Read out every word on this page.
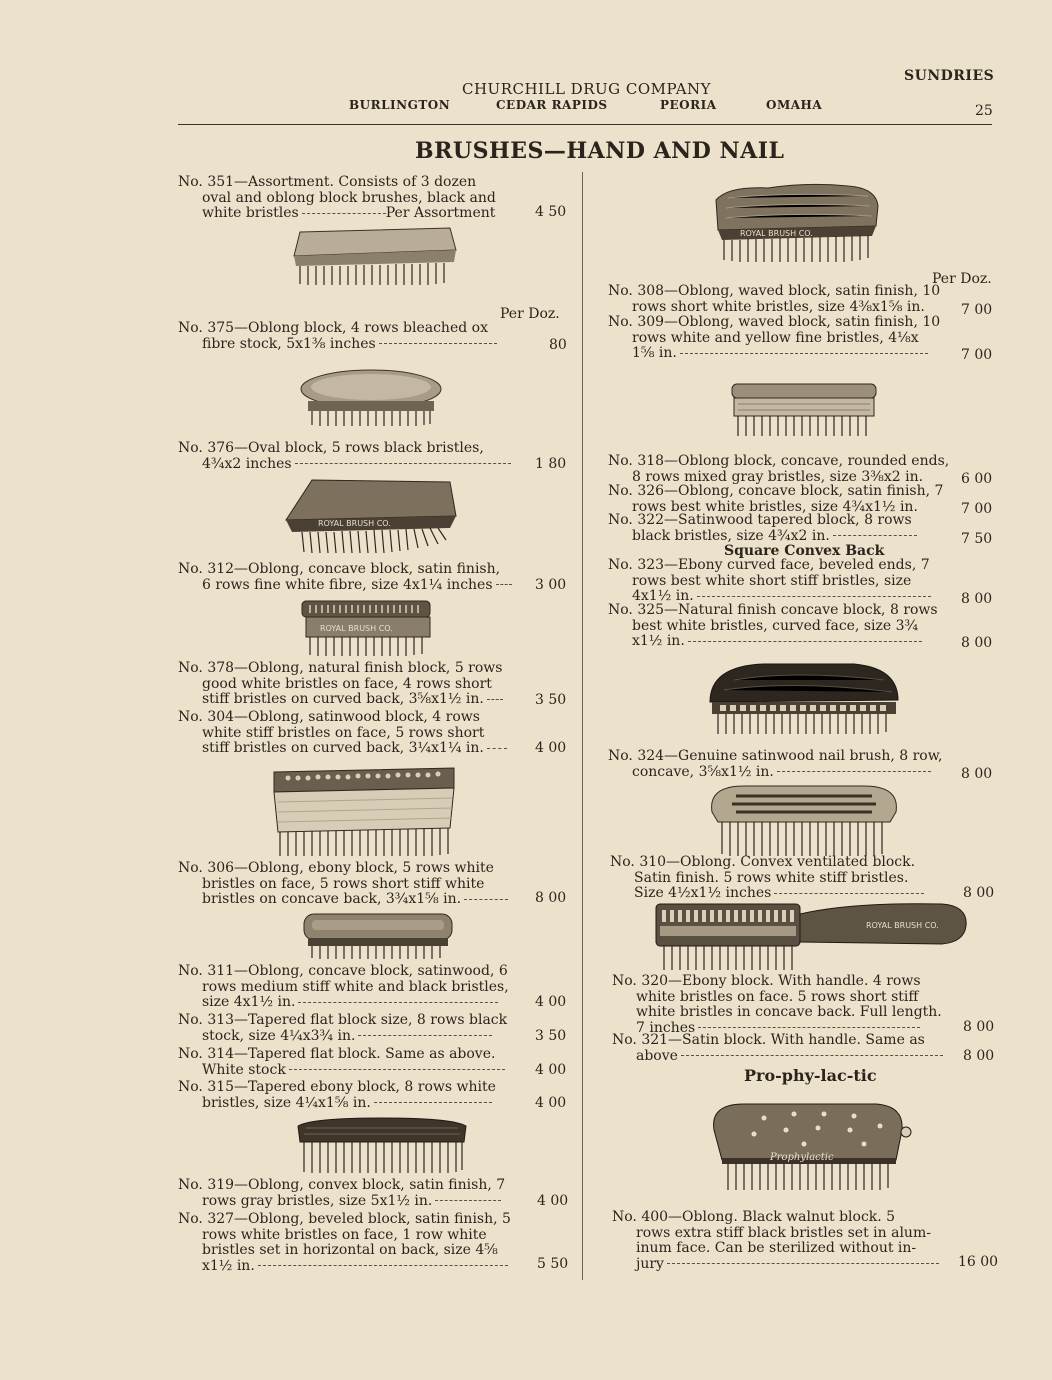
SUNDRIES
CHURCHILL DRUG COMPANY
BURLINGTON	CEDAR RAPIDS	PEORIA	OMAHA	25
BRUSHES—HAND AND NAIL
No. 351—Assortment. Consists of 3 dozen
oval and oblong block brushes, black and
white bristles	Per Assortment	4 50
Per Doz.
No. 375—Oblong block, 4 rows bleached ox
fibre stock, 5x1⅜ inches	80
No. 376—Oval block, 5 rows black bristles,
4¾x2 inches	1 80
ROYAL BRUSH CO.
No. 312—Oblong, concave block, satin finish,
6 rows fine white fibre, size 4x1¼ inches	3 00
ROYAL BRUSH CO.
No. 378—Oblong, natural finish block, 5 rows
good white bristles on face, 4 rows short
stiff bristles on curved back, 3⅝x1½ in.	3 50
No. 304—Oblong, satinwood block, 4 rows
white stiff bristles on face, 5 rows short
stiff bristles on curved back, 3¼x1¼ in.	4 00
No. 306—Oblong, ebony block, 5 rows white
bristles on face, 5 rows short stiff white
bristles on concave back, 3¾x1⅝ in.	8 00
No. 311—Oblong, concave block, satinwood, 6
rows medium stiff white and black bristles,
size 4x1½ in.	4 00
No. 313—Tapered flat block size, 8 rows black
stock, size 4¼x3¾ in.	3 50
No. 314—Tapered flat block. Same as above.
White stock	4 00
No. 315—Tapered ebony block, 8 rows white
bristles, size 4¼x1⅝ in.	4 00
No. 319—Oblong, convex block, satin finish, 7
rows gray bristles, size 5x1½ in.	4 00
No. 327—Oblong, beveled block, satin finish, 5
rows white bristles on face, 1 row white
bristles set in horizontal on back, size 4⅝
x1½ in.	5 50
ROYAL BRUSH CO.
Per Doz.
No. 308—Oblong, waved block, satin finish, 10
rows short white bristles, size 4⅜x1⅝ in.	7 00
No. 309—Oblong, waved block, satin finish, 10
rows white and yellow fine bristles, 4⅛x
1⅝ in.	7 00
No. 318—Oblong block, concave, rounded ends,
8 rows mixed gray bristles, size 3⅜x2 in.	6 00
No. 326—Oblong, concave block, satin finish, 7
rows best white bristles, size 4¾x1½ in.	7 00
No. 322—Satinwood tapered block, 8 rows
black bristles, size 4¾x2 in.	7 50
Square Convex Back
No. 323—Ebony curved face, beveled ends, 7
rows best white short stiff bristles, size
4x1½ in.	8 00
No. 325—Natural finish concave block, 8 rows
best white bristles, curved face, size 3¾
x1½ in.	8 00
No. 324—Genuine satinwood nail brush, 8 row,
concave, 3⅝x1½ in.	8 00
No. 310—Oblong. Convex ventilated block.
Satin finish. 5 rows white stiff bristles.
Size 4½x1½ inches	8 00
ROYAL BRUSH CO.
No. 320—Ebony block. With handle. 4 rows
white bristles on face. 5 rows short stiff
white bristles in concave back. Full length.
7 inches	8 00
No. 321—Satin block. With handle. Same as
above	8 00
Pro-phy-lac-tic
Prophylactic
No. 400—Oblong. Black walnut block. 5
rows extra stiff black bristles set in alum-
inum face. Can be sterilized without in-
jury	16 00
